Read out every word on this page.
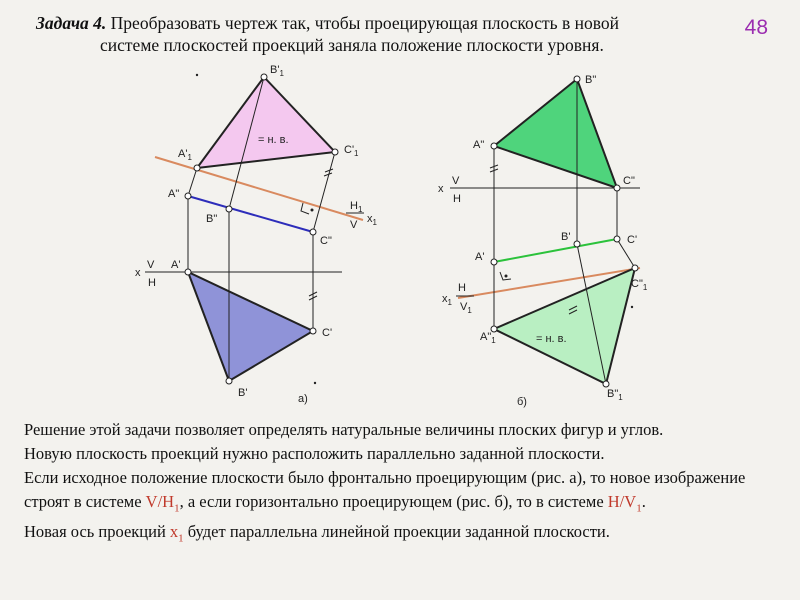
Задача 4. Преобразовать чертеж так, чтобы проецирующая плоскость в новой
системе плоскостей проекций заняла положение плоскости уровня.
48
$B'_1$
$A'_1$
$C'_1$
= н. в.
A"
B"
C"
A'
B'
C'
x
V
H
$H_1$
V $x_1$
а)
B"
A"
C"
B'
A'
C'
$C"_1$
$A"_1$
$B"_1$
= н. в.
x
V
H
H
$V_1$
$x_1$
б)

Решение этой задачи позволяет определять натуральные величины плоских фигур и углов.

Новую плоскость проекций нужно расположить параллельно заданной плоскости.

Если исходное положение плоскости было фронтально проецирующим (рис. а), то новое изображение строят в системе $V/H_1$, а если горизонтально проецирующем (рис. б), то в системе $H/V_1$.

Новая ось проекций $x_1$ будет параллельна линейной проекции заданной плоскости.
